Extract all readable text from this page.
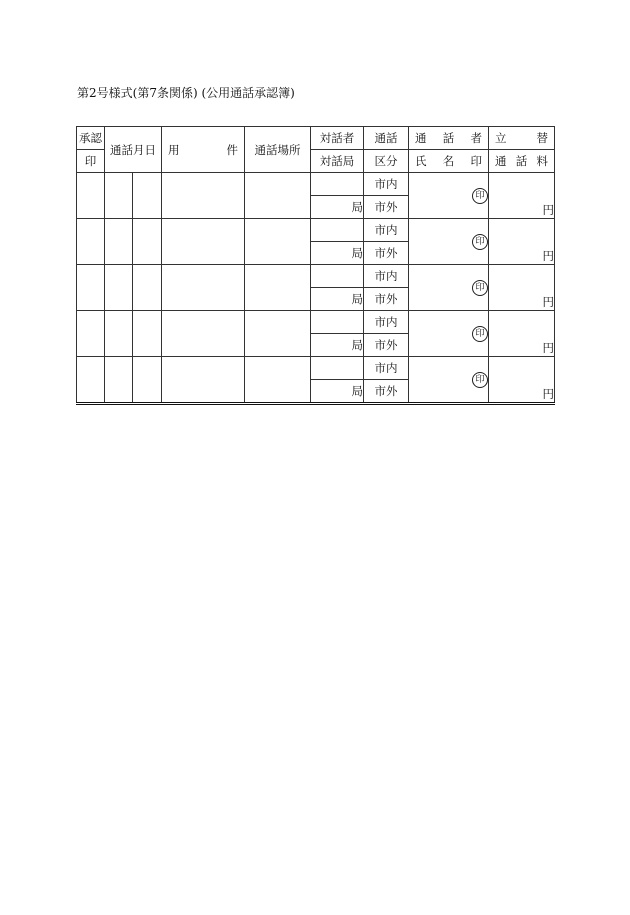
第2号様式(第7条関係) (公用通話承認簿)
承認	通話月日		用 件	通話場所	対話者	通話	通 話 者	立 替

印					対話局	区分	氏 名 印	通 話 料

						市内	印	円
					局	市外		
						市内	印	円
					局	市外		
						市内	印	円
					局	市外		
						市内	印	円
					局	市外		
						市内	印	円
					局	市外		
